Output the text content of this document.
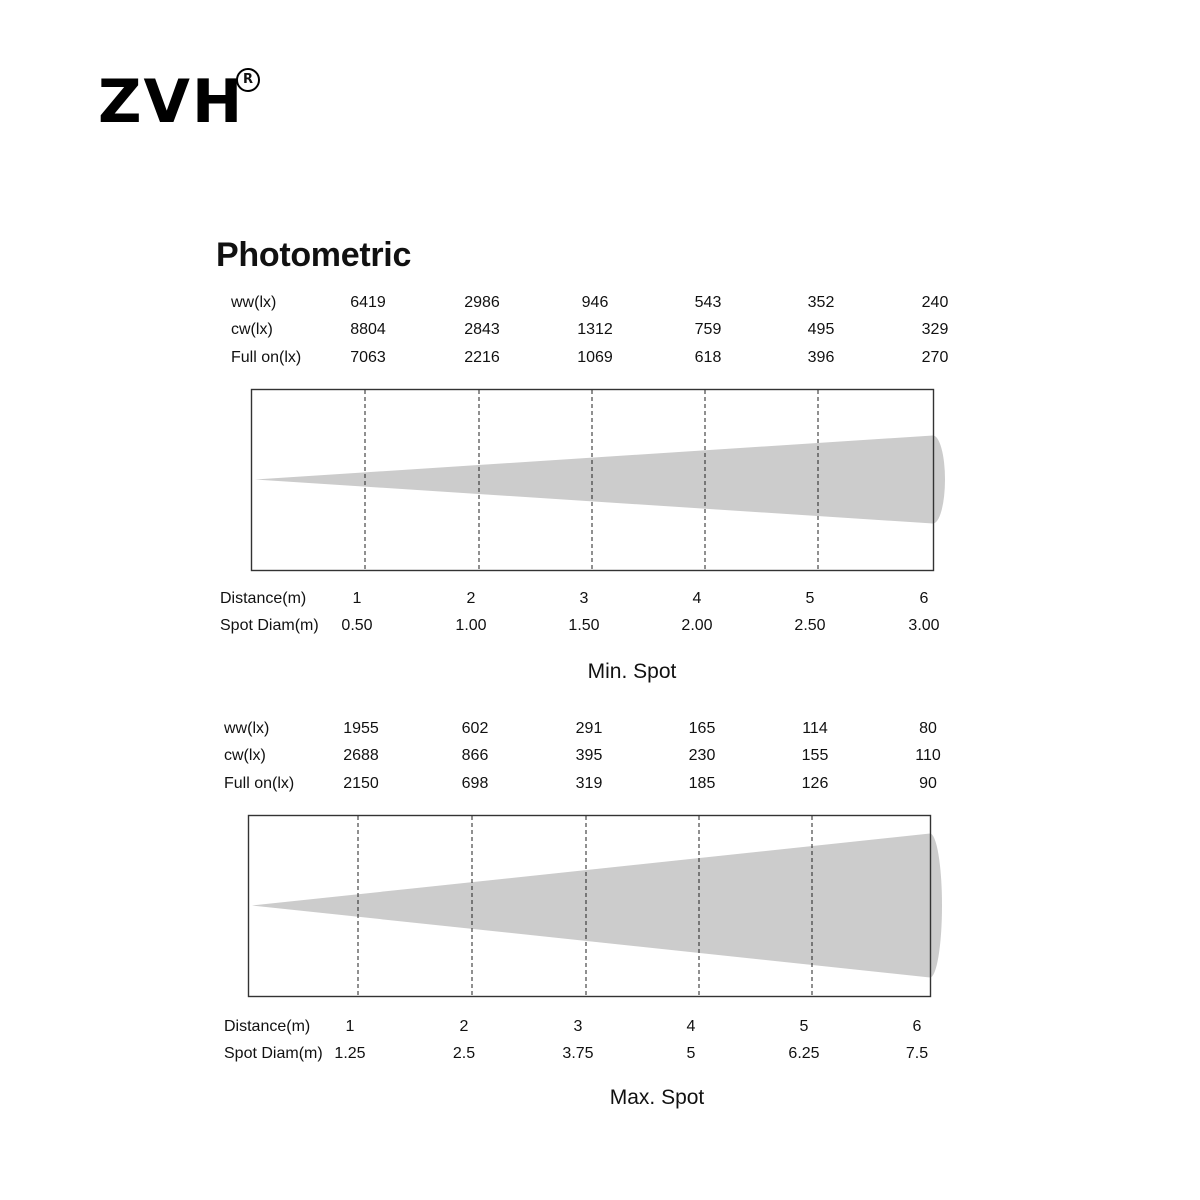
ZVH
R
Photometric
ww(lx)	6419	2986	946	543	352	240
cw(lx)	8804	2843	1312	759	495	329
Full on(lx)	7063	2216	1069	618	396	270
Distance(m)	1	2	3	4	5	6
Spot Diam(m) 0.50	1.00	1.50	2.00	2.50	3.00
Min. Spot
ww(lx)	1955	602	291	165	114	80
cw(lx)	2688	866	395	230	155	110
Full on(lx)	2150	698	319	185	126	90
Distance(m) 1	2	3	4	5	6
Spot Diam(m) 1.25	2.5	3.75	5	6.25	7.5
Max. Spot
